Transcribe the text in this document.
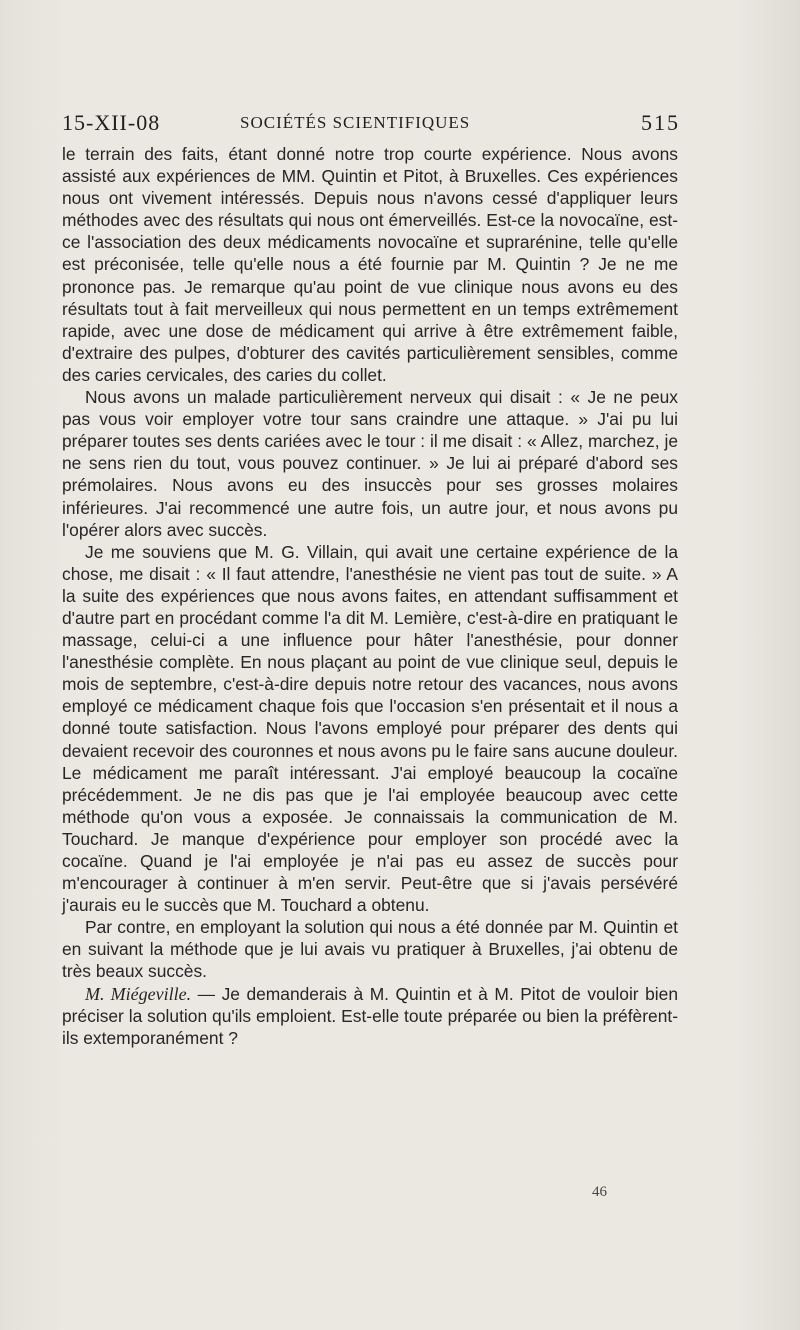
15-XII-08	SOCIÉTÉS SCIENTIFIQUES	515

le terrain des faits, étant donné notre trop courte expérience. Nous avons assisté aux expériences de MM. Quintin et Pitot, à Bruxelles. Ces expériences nous ont vivement intéressés. Depuis nous n'avons cessé d'appliquer leurs méthodes avec des résultats qui nous ont émerveillés. Est-ce la novocaïne, est-ce l'association des deux médicaments novocaïne et suprarénine, telle qu'elle est préconisée, telle qu'elle nous a été fournie par M. Quintin ? Je ne me prononce pas. Je remarque qu'au point de vue clinique nous avons eu des résultats tout à fait merveilleux qui nous permettent en un temps extrêmement rapide, avec une dose de médicament qui arrive à être extrêmement faible, d'extraire des pulpes, d'obturer des cavités particulièrement sensibles, comme des caries cervicales, des caries du collet.

Nous avons un malade particulièrement nerveux qui disait : « Je ne peux pas vous voir employer votre tour sans craindre une attaque. » J'ai pu lui préparer toutes ses dents cariées avec le tour : il me disait : « Allez, marchez, je ne sens rien du tout, vous pouvez continuer. » Je lui ai préparé d'abord ses prémolaires. Nous avons eu des insuccès pour ses grosses molaires inférieures. J'ai recommencé une autre fois, un autre jour, et nous avons pu l'opérer alors avec succès.

Je me souviens que M. G. Villain, qui avait une certaine expérience de la chose, me disait : « Il faut attendre, l'anesthésie ne vient pas tout de suite. » A la suite des expériences que nous avons faites, en attendant suffisamment et d'autre part en procédant comme l'a dit M. Lemière, c'est-à-dire en pratiquant le massage, celui-ci a une influence pour hâter l'anesthésie, pour donner l'anesthésie complète. En nous plaçant au point de vue clinique seul, depuis le mois de septembre, c'est-à-dire depuis notre retour des vacances, nous avons employé ce médicament chaque fois que l'occasion s'en présentait et il nous a donné toute satisfaction. Nous l'avons employé pour préparer des dents qui devaient recevoir des couronnes et nous avons pu le faire sans aucune douleur. Le médicament me paraît intéressant. J'ai employé beaucoup la cocaïne précédemment. Je ne dis pas que je l'ai employée beaucoup avec cette méthode qu'on vous a exposée. Je connaissais la communication de M. Touchard. Je manque d'expérience pour employer son procédé avec la cocaïne. Quand je l'ai employée je n'ai pas eu assez de succès pour m'encourager à continuer à m'en servir. Peut-être que si j'avais persévéré j'aurais eu le succès que M. Touchard a obtenu.

Par contre, en employant la solution qui nous a été donnée par M. Quintin et en suivant la méthode que je lui avais vu pratiquer à Bruxelles, j'ai obtenu de très beaux succès.

M. Miégeville. — Je demanderais à M. Quintin et à M. Pitot de vouloir bien préciser la solution qu'ils emploient. Est-elle toute préparée ou bien la préfèrent-ils extemporanément ?

46
